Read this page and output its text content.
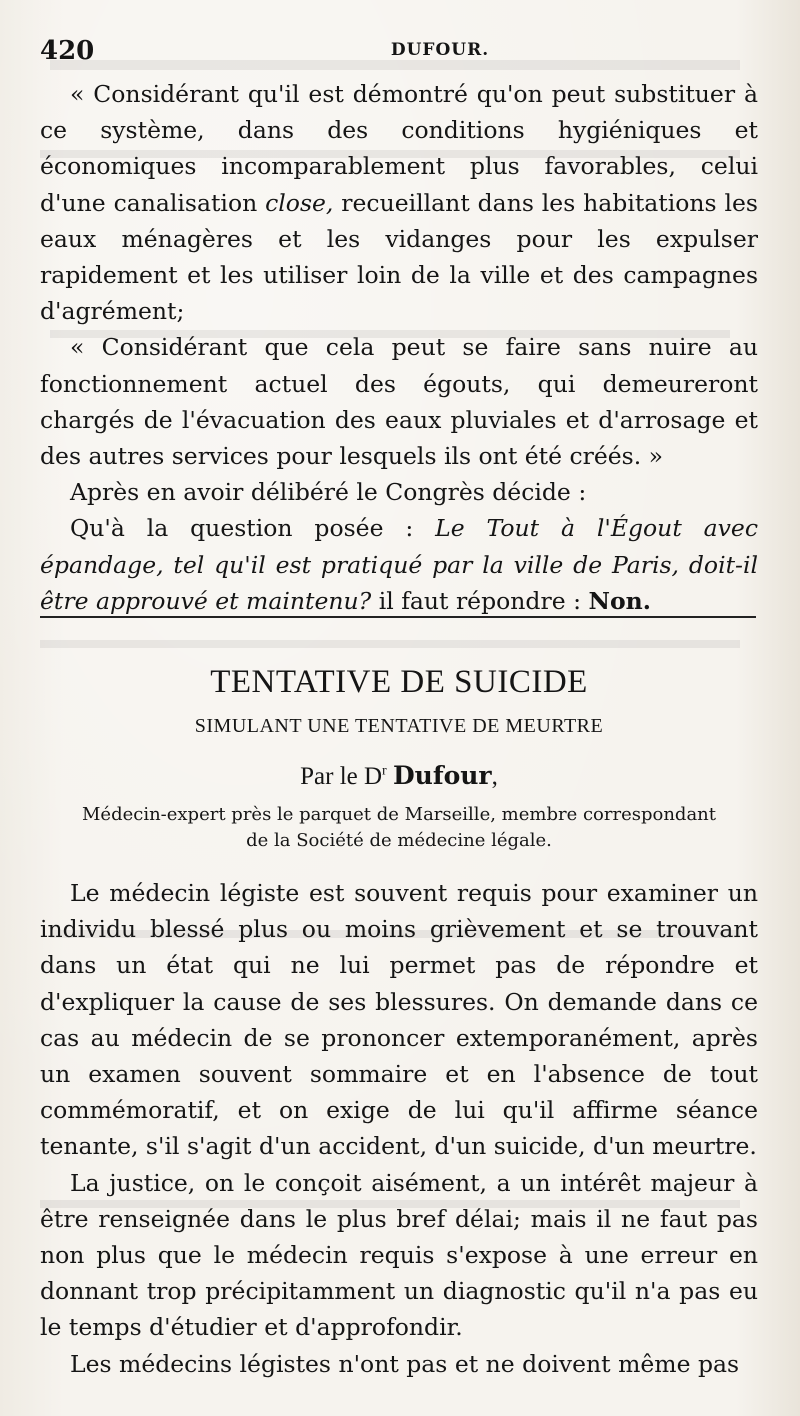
420	DUFOUR.

« Considérant qu'il est démontré qu'on peut substituer à ce système, dans des conditions hygiéniques et économiques incomparablement plus favorables, celui d'une canalisation close, recueillant dans les habitations les eaux ménagères et les vidanges pour les expulser rapidement et les utiliser loin de la ville et des campagnes d'agrément;

« Considérant que cela peut se faire sans nuire au fonctionnement actuel des égouts, qui demeureront chargés de l'évacuation des eaux pluviales et d'arrosage et des autres services pour lesquels ils ont été créés. »

Après en avoir délibéré le Congrès décide :

Qu'à la question posée : Le Tout à l'Égout avec épandage, tel qu'il est pratiqué par la ville de Paris, doit-il être approuvé et maintenu? il faut répondre : Non.

TENTATIVE DE SUICIDE
SIMULANT UNE TENTATIVE DE MEURTRE
Par le $D^r$ Dufour,
Médecin-expert près le parquet de Marseille, membre correspondant
de la Société de médecine légale.

Le médecin légiste est souvent requis pour examiner un individu blessé plus ou moins grièvement et se trouvant dans un état qui ne lui permet pas de répondre et d'expliquer la cause de ses blessures. On demande dans ce cas au médecin de se prononcer extemporanément, après un examen souvent sommaire et en l'absence de tout commémoratif, et on exige de lui qu'il affirme séance tenante, s'il s'agit d'un accident, d'un suicide, d'un meurtre.

La justice, on le conçoit aisément, a un intérêt majeur à être renseignée dans le plus bref délai; mais il ne faut pas non plus que le médecin requis s'expose à une erreur en donnant trop précipitamment un diagnostic qu'il n'a pas eu le temps d'étudier et d'approfondir.

Les médecins légistes n'ont pas et ne doivent même pas
